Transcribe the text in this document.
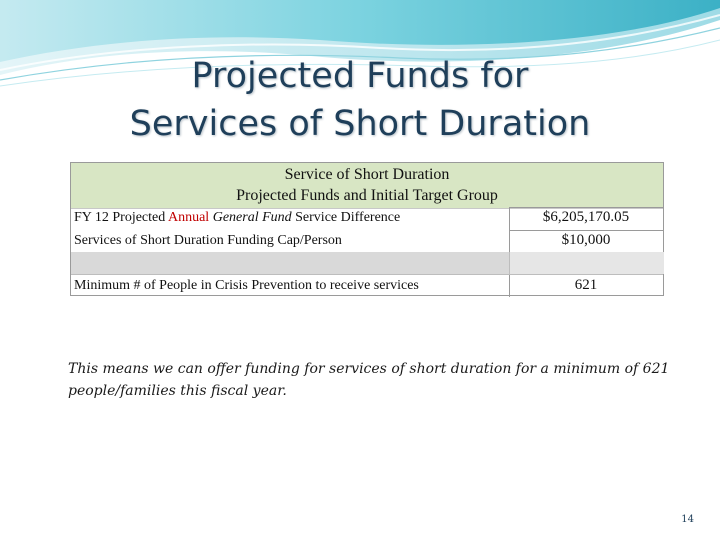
Projected Funds for
Services of Short Duration
Service of Short Duration
Projected Funds and Initial Target Group
FY 12 Projected Annual General Fund Service Difference	$6,205,170.05
Services of Short Duration Funding Cap/Person	$10,000
Minimum # of People in Crisis Prevention to receive services	621
This means we can offer funding for services of short duration for a minimum of 621 people/families this fiscal year.
14
